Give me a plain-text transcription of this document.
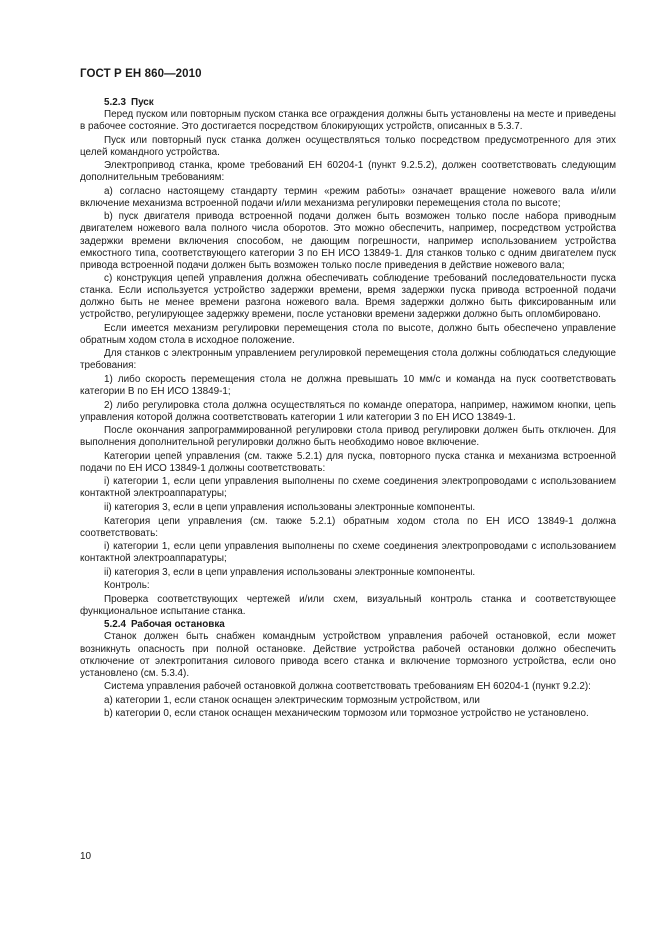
ГОСТ Р ЕН 860—2010
5.2.3 Пуск

Перед пуском или повторным пуском станка все ограждения должны быть установлены на месте и приведены в рабочее состояние. Это достигается посредством блокирующих устройств, описанных в 5.3.7.

Пуск или повторный пуск станка должен осуществляться только посредством предусмотренного для этих целей командного устройства.

Электропривод станка, кроме требований ЕН 60204-1 (пункт 9.2.5.2), должен соответствовать следующим дополнительным требованиям:

а) согласно настоящему стандарту термин «режим работы» означает вращение ножевого вала и/или включение механизма встроенной подачи и/или механизма регулировки перемещения стола по высоте;

b) пуск двигателя привода встроенной подачи должен быть возможен только после набора приводным двигателем ножевого вала полного числа оборотов. Это можно обеспечить, например, посредством устройства задержки времени включения способом, не дающим погрешности, например использованием устройства емкостного типа, соответствующего категории 3 по ЕН ИСО 13849-1. Для станков только с одним двигателем пуск привода встроенной подачи должен быть возможен только после приведения в действие ножевого вала;

с) конструкция цепей управления должна обеспечивать соблюдение требований последовательности пуска станка. Если используется устройство задержки времени, время задержки пуска привода встроенной подачи должно быть не менее времени разгона ножевого вала. Время задержки должно быть фиксированным или устройство, регулирующее задержку времени, после установки времени задержки должно быть опломбировано.

Если имеется механизм регулировки перемещения стола по высоте, должно быть обеспечено управление обратным ходом стола в исходное положение.

Для станков с электронным управлением регулировкой перемещения стола должны соблюдаться следующие требования:

1) либо скорость перемещения стола не должна превышать 10 мм/с и команда на пуск соответствовать категории В по ЕН ИСО 13849-1;

2) либо регулировка стола должна осуществляться по команде оператора, например, нажимом кнопки, цепь управления которой должна соответствовать категории 1 или категории 3 по ЕН ИСО 13849-1.

После окончания запрограммированной регулировки стола привод регулировки должен быть отключен. Для выполнения дополнительной регулировки должно быть необходимо новое включение.

Категории цепей управления (см. также 5.2.1) для пуска, повторного пуска станка и механизма встроенной подачи по ЕН ИСО 13849-1 должны соответствовать:

i) категории 1, если цепи управления выполнены по схеме соединения электропроводами с использованием контактной электроаппаратуры;

ii) категория 3, если в цепи управления использованы электронные компоненты.

Категория цепи управления (см. также 5.2.1) обратным ходом стола по ЕН ИСО 13849-1 должна соответствовать:

i) категории 1, если цепи управления выполнены по схеме соединения электропроводами с использованием контактной электроаппаратуры;

ii) категория 3, если в цепи управления использованы электронные компоненты.

Контроль:

Проверка соответствующих чертежей и/или схем, визуальный контроль станка и соответствующее функциональное испытание станка.

5.2.4 Рабочая остановка

Станок должен быть снабжен командным устройством управления рабочей остановкой, если может возникнуть опасность при полной остановке. Действие устройства рабочей остановки должно обеспечить отключение от электропитания силового привода всего станка и включение тормозного устройства, если оно установлено (см. 5.3.4).

Система управления рабочей остановкой должна соответствовать требованиям ЕН 60204-1 (пункт 9.2.2):

а) категории 1, если станок оснащен электрическим тормозным устройством, или

b) категории 0, если станок оснащен механическим тормозом или тормозное устройство не установлено.

10
